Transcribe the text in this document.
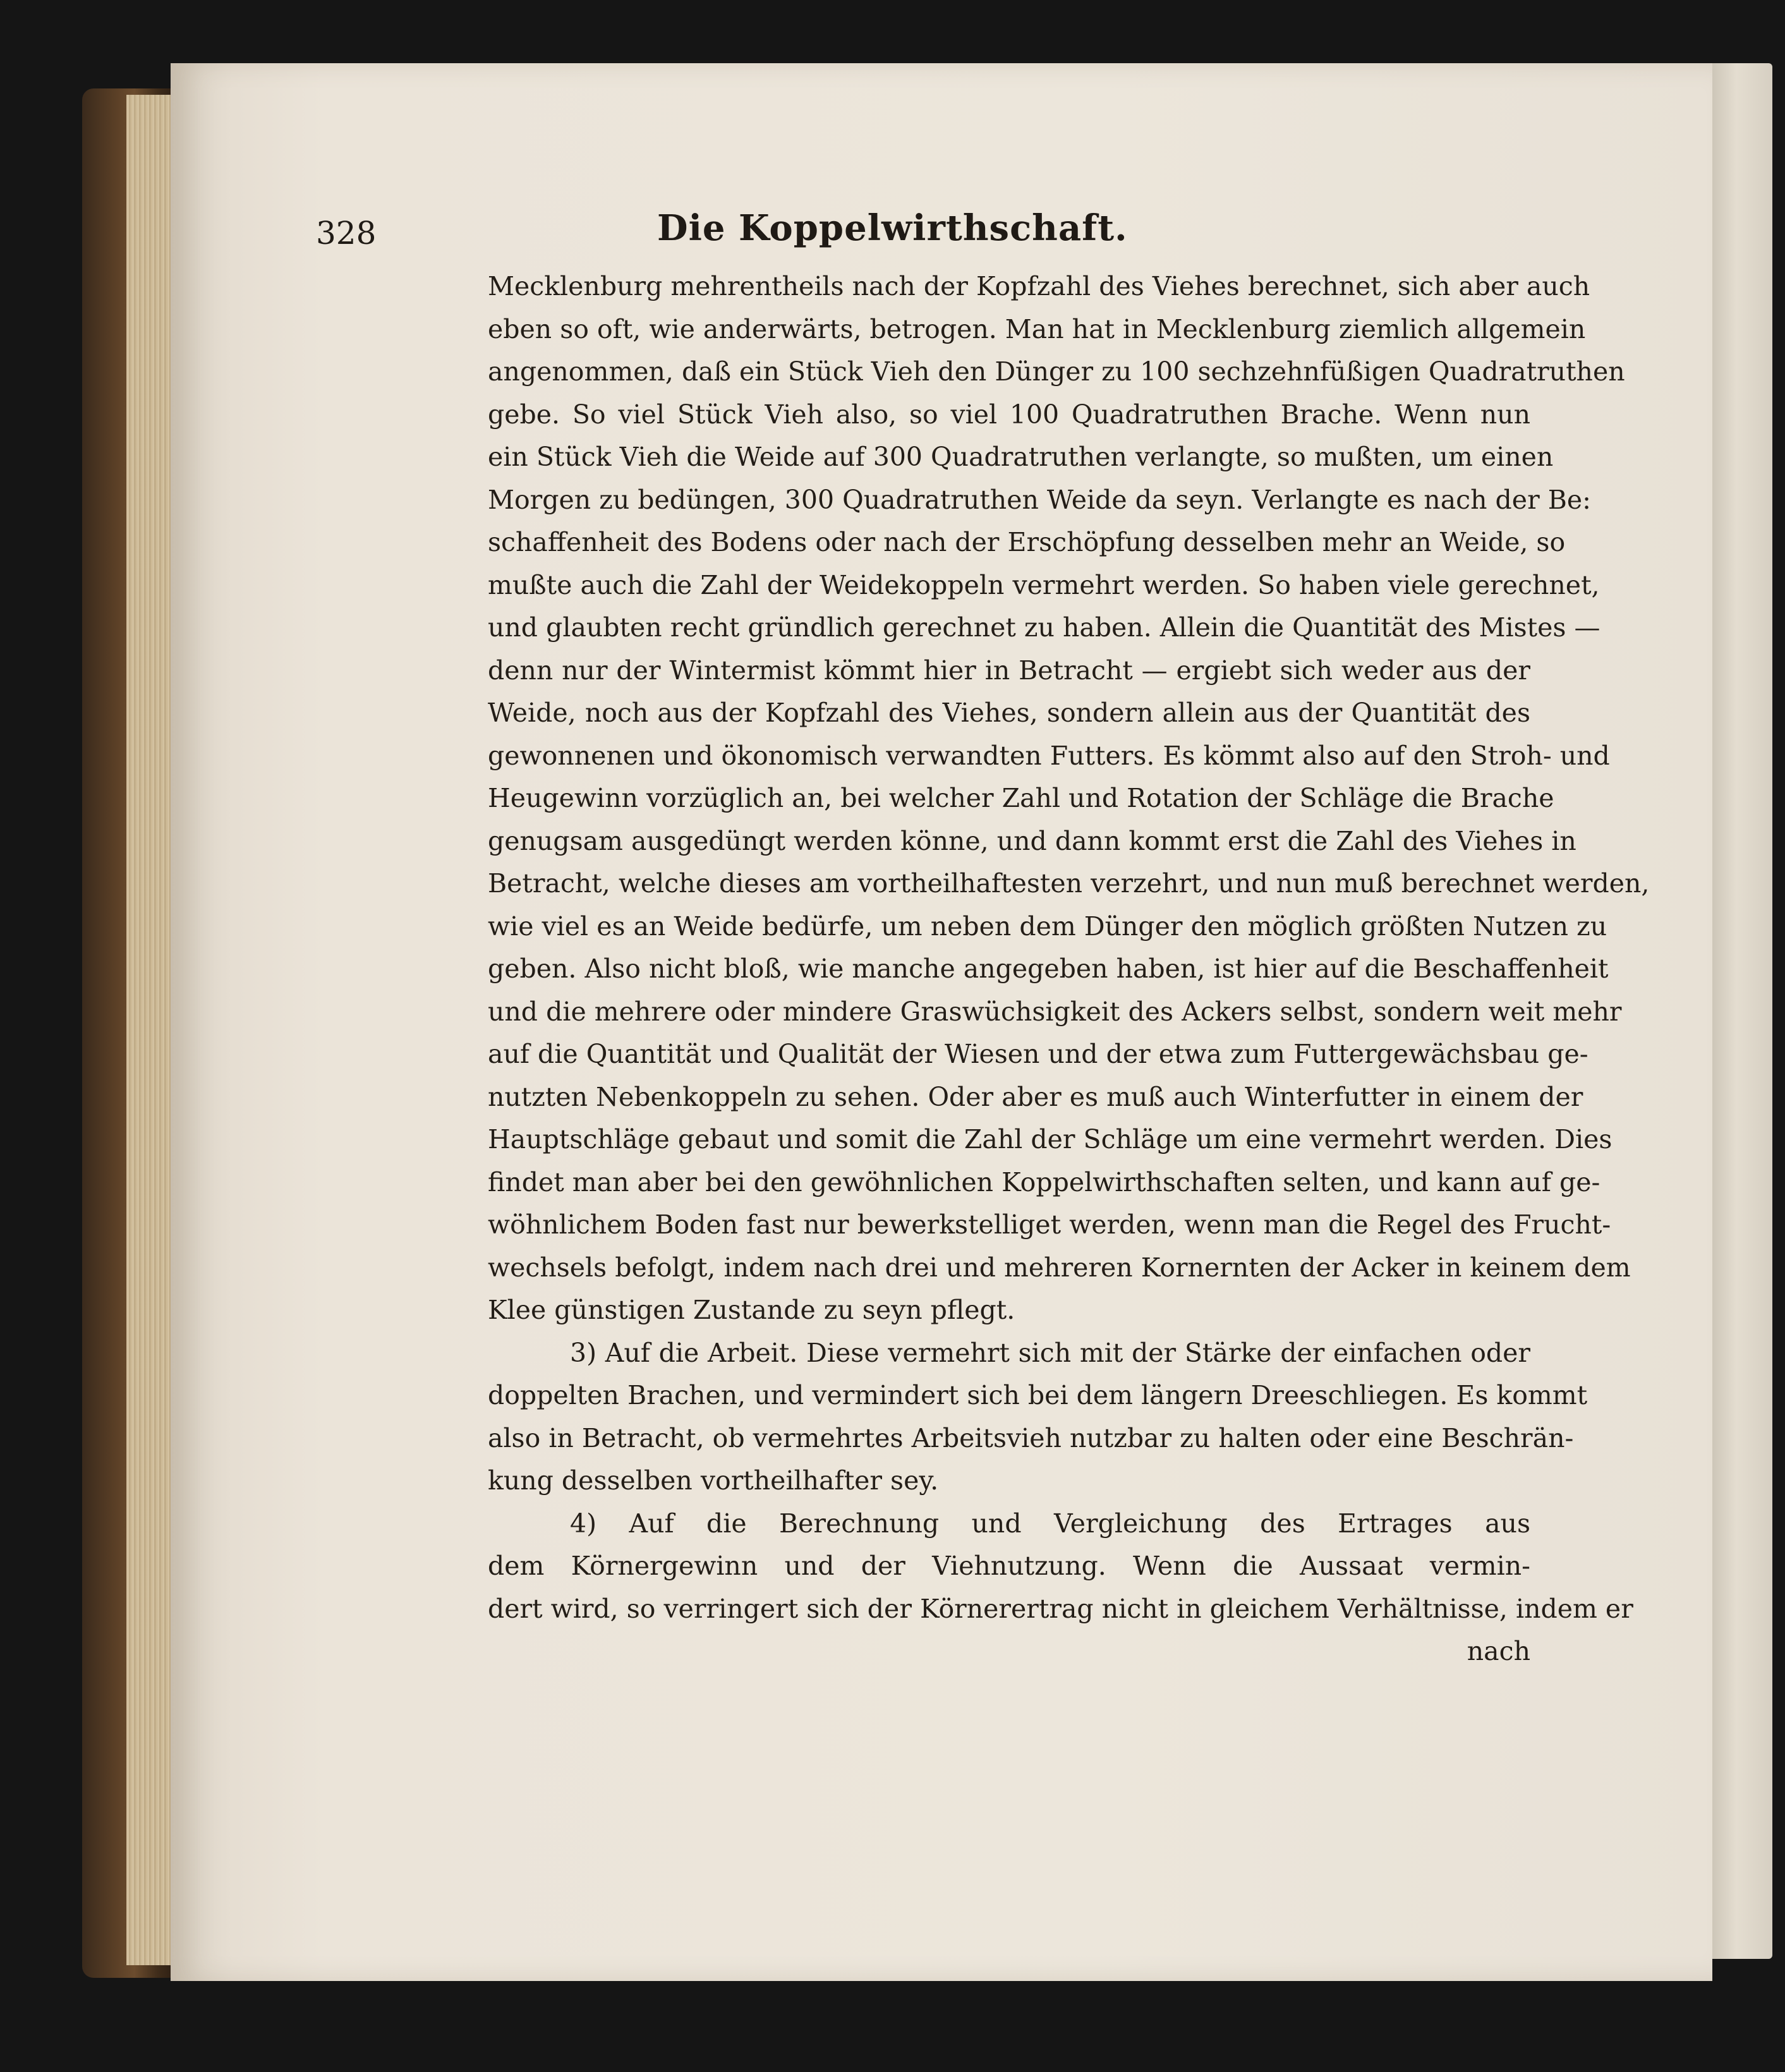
328	Die Koppelwirthschaft.
Mecklenburg mehrentheils nach der Kopfzahl des Viehes berechnet, sich aber auch
eben so oft, wie anderwärts, betrogen. Man hat in Mecklenburg ziemlich allgemein
angenommen, daß ein Stück Vieh den Dünger zu 100 sechzehnfüßigen Quadratruthen
gebe. So viel Stück Vieh also, so viel 100 Quadratruthen Brache. Wenn nun
ein Stück Vieh die Weide auf 300 Quadratruthen verlangte, so mußten, um einen
Morgen zu bedüngen, 300 Quadratruthen Weide da seyn. Verlangte es nach der Be:
schaffenheit des Bodens oder nach der Erschöpfung desselben mehr an Weide, so
mußte auch die Zahl der Weidekoppeln vermehrt werden. So haben viele gerechnet,
und glaubten recht gründlich gerechnet zu haben. Allein die Quantität des Mistes —
denn nur der Wintermist kömmt hier in Betracht — ergiebt sich weder aus der
Weide, noch aus der Kopfzahl des Viehes, sondern allein aus der Quantität des
gewonnenen und ökonomisch verwandten Futters. Es kömmt also auf den Stroh- und
Heugewinn vorzüglich an, bei welcher Zahl und Rotation der Schläge die Brache
genugsam ausgedüngt werden könne, und dann kommt erst die Zahl des Viehes in
Betracht, welche dieses am vortheilhaftesten verzehrt, und nun muß berechnet werden,
wie viel es an Weide bedürfe, um neben dem Dünger den möglich größten Nutzen zu
geben. Also nicht bloß, wie manche angegeben haben, ist hier auf die Beschaffenheit
und die mehrere oder mindere Graswüchsigkeit des Ackers selbst, sondern weit mehr
auf die Quantität und Qualität der Wiesen und der etwa zum Futtergewächsbau ge-
nutzten Nebenkoppeln zu sehen. Oder aber es muß auch Winterfutter in einem der
Hauptschläge gebaut und somit die Zahl der Schläge um eine vermehrt werden. Dies
findet man aber bei den gewöhnlichen Koppelwirthschaften selten, und kann auf ge-
wöhnlichem Boden fast nur bewerkstelliget werden, wenn man die Regel des Frucht-
wechsels befolgt, indem nach drei und mehreren Kornernten der Acker in keinem dem
Klee günstigen Zustande zu seyn pflegt.
3) Auf die Arbeit. Diese vermehrt sich mit der Stärke der einfachen oder
doppelten Brachen, und vermindert sich bei dem längern Dreeschliegen. Es kommt
also in Betracht, ob vermehrtes Arbeitsvieh nutzbar zu halten oder eine Beschrän-
kung desselben vortheilhafter sey.
4) Auf die Berechnung und Vergleichung des Ertrages aus
dem Körnergewinn und der Viehnutzung. Wenn die Aussaat vermin-
dert wird, so verringert sich der Körnerertrag nicht in gleichem Verhältnisse, indem er
nach
